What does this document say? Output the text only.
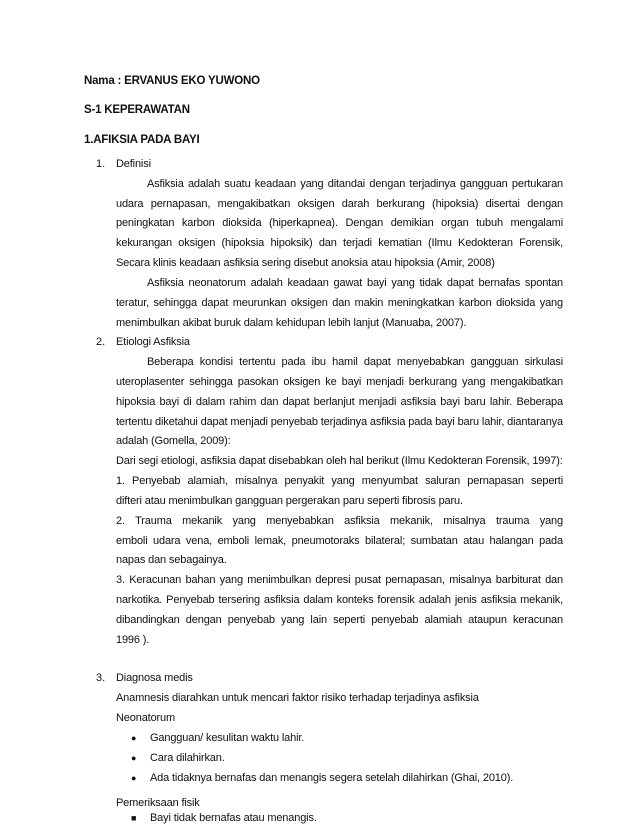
Nama : ERVANUS EKO YUWONO
S-1 KEPERAWATAN
1.AFIKSIA PADA BAYI
1. Definisi
Asfiksia adalah suatu keadaan yang ditandai dengan terjadinya gangguan pertukaran
udara pernapasan, mengakibatkan oksigen darah berkurang (hipoksia) disertai dengan
peningkatan karbon dioksida (hiperkapnea). Dengan demikian organ tubuh mengalami
kekurangan oksigen (hipoksia hipoksik) dan terjadi kematian (Ilmu Kedokteran Forensik,
Secara klinis keadaan asfiksia sering disebut anoksia atau hipoksia (Amir, 2008)
Asfiksia neonatorum adalah keadaan gawat bayi yang tidak dapat bernafas spontan
teratur, sehingga dapat meurunkan oksigen dan makin meningkatkan karbon dioksida yang
menimbulkan akibat buruk dalam kehidupan lebih lanjut (Manuaba, 2007).
2. Etiologi Asfiksia
Beberapa kondisi tertentu pada ibu hamil dapat menyebabkan gangguan sirkulasi
uteroplasenter sehingga pasokan oksigen ke bayi menjadi berkurang yang mengakibatkan
hipoksia bayi di dalam rahim dan dapat berlanjut menjadi asfiksia bayi baru lahir. Beberapa
tertentu diketahui dapat menjadi penyebab terjadinya asfiksia pada bayi baru lahir, diantaranya
adalah (Gomella, 2009):
Dari segi etiologi, asfiksia dapat disebabkan oleh hal berikut (Ilmu Kedokteran Forensik, 1997):
1. Penyebab alamiah, misalnya penyakit yang menyumbat saluran pernapasan seperti
difteri atau menimbulkan gangguan pergerakan paru seperti fibrosis paru.
2. Trauma mekanik yang menyebabkan asfiksia mekanik, misalnya trauma yang
emboli udara vena, emboli lemak, pneumotoraks bilateral; sumbatan atau halangan pada
napas dan sebagainya.
3. Keracunan bahan yang menimbulkan depresi pusat pernapasan, misalnya barbiturat dan
narkotika. Penyebab tersering asfiksia dalam konteks forensik adalah jenis asfiksia mekanik,
dibandingkan dengan penyebab yang lain seperti penyebab alamiah ataupun keracunan
1996 ).
3. Diagnosa medis
Anamnesis diarahkan untuk mencari faktor risiko terhadap terjadinya asfiksia
Neonatorum
● Gangguan/ kesulitan waktu lahir.
● Cara dilahirkan.
● Ada tidaknya bernafas dan menangis segera setelah dilahirkan (Ghai, 2010).
Pemeriksaan fisik
■ Bayi tidak bernafas atau menangis.
